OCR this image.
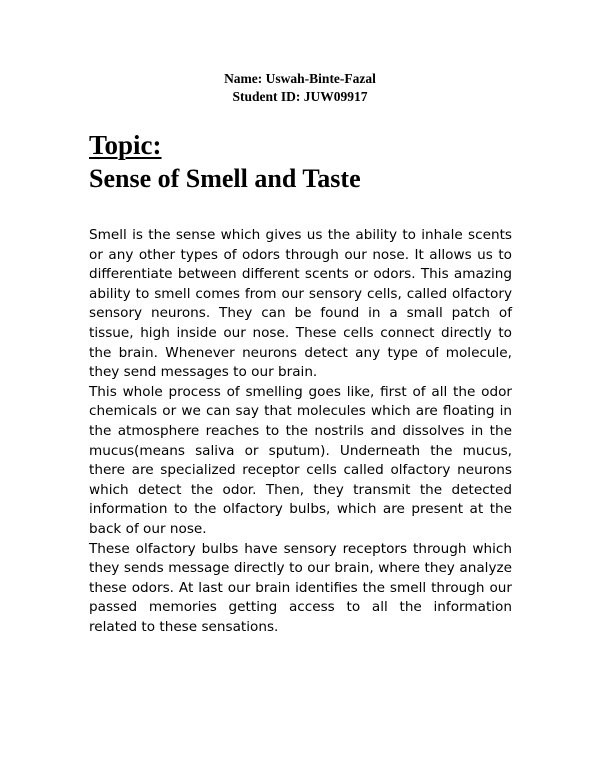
Name: Uswah-Binte-Fazal
Student ID: JUW09917
Topic:
Sense of Smell and Taste

Smell is the sense which gives us the ability to inhale scents or any other types of odors through our nose. It allows us to differentiate between different scents or odors. This amazing ability to smell comes from our sensory cells, called olfactory sensory neurons. They can be found in a small patch of tissue, high inside our nose. These cells connect directly to the brain. Whenever neurons detect any type of molecule, they send messages to our brain.

This whole process of smelling goes like, first of all the odor chemicals or we can say that molecules which are floating in the atmosphere reaches to the nostrils and dissolves in the mucus(means saliva or sputum). Underneath the mucus, there are specialized receptor cells called olfactory neurons which detect the odor. Then, they transmit the detected information to the olfactory bulbs, which are present at the back of our nose.

These olfactory bulbs have sensory receptors through which they sends message directly to our brain, where they analyze these odors. At last our brain identifies the smell through our passed memories getting access to all the information related to these sensations.
